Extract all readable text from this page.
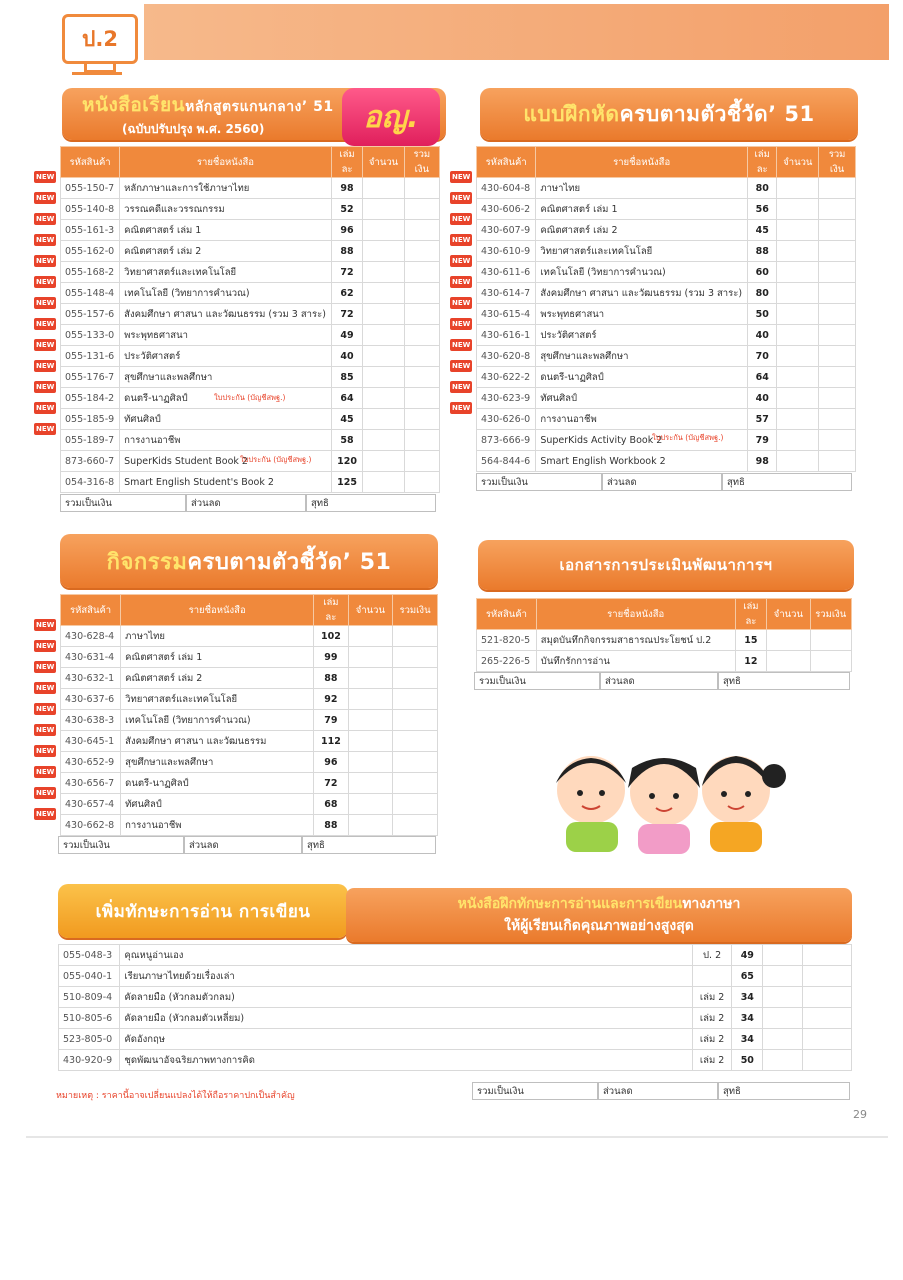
ป.2
หนังสือเรียนหลักสูตรแกนกลาง’ 51
(ฉบับปรับปรุง พ.ศ. 2560)	อญ.
รหัสสินค้า	รายชื่อหนังสือ	เล่มละ	จำนวน	รวมเงิน
055-150-7	หลักภาษาและการใช้ภาษาไทย	98		
055-140-8	วรรณคดีและวรรณกรรม	52		
055-161-3	คณิตศาสตร์ เล่ม 1	96		
055-162-0	คณิตศาสตร์ เล่ม 2	88		
055-168-2	วิทยาศาสตร์และเทคโนโลยี	72		
055-148-4	เทคโนโลยี (วิทยาการคำนวณ)	62		
055-157-6	สังคมศึกษา ศาสนา และวัฒนธรรม (รวม 3 สาระ)	72		
055-133-0	พระพุทธศาสนา	49		
055-131-6	ประวัติศาสตร์	40		
055-176-7	สุขศึกษาและพลศึกษา	85		
055-184-2	ดนตรี-นาฏศิลป์	64		
055-185-9	ทัศนศิลป์	45		
055-189-7	การงานอาชีพ	58		
873-660-7	SuperKids Student Book 2	120		
054-316-8	Smart English Student's Book 2	125		
รวมเป็นเงิน	ส่วนลด	สุทธิ
แบบฝึกหัดครบตามตัวชี้วัด’ 51
รหัสสินค้า	รายชื่อหนังสือ	เล่มละ	จำนวน	รวมเงิน
430-604-8	ภาษาไทย	80		
430-606-2	คณิตศาสตร์ เล่ม 1	56		
430-607-9	คณิตศาสตร์ เล่ม 2	45		
430-610-9	วิทยาศาสตร์และเทคโนโลยี	88		
430-611-6	เทคโนโลยี (วิทยาการคำนวณ)	60		
430-614-7	สังคมศึกษา ศาสนา และวัฒนธรรม (รวม 3 สาระ)	80		
430-615-4	พระพุทธศาสนา	50		
430-616-1	ประวัติศาสตร์	40		
430-620-8	สุขศึกษาและพลศึกษา	70		
430-622-2	ดนตรี-นาฏศิลป์	64		
430-623-9	ทัศนศิลป์	40		
430-626-0	การงานอาชีพ	57		
873-666-9	SuperKids Activity Book 2	79		
564-844-6	Smart English Workbook 2	98		
รวมเป็นเงิน	ส่วนลด	สุทธิ
กิจกรรมครบตามตัวชี้วัด’ 51
รหัสสินค้า	รายชื่อหนังสือ	เล่มละ	จำนวน	รวมเงิน
430-628-4	ภาษาไทย	102		
430-631-4	คณิตศาสตร์ เล่ม 1	99		
430-632-1	คณิตศาสตร์ เล่ม 2	88		
430-637-6	วิทยาศาสตร์และเทคโนโลยี	92		
430-638-3	เทคโนโลยี (วิทยาการคำนวณ)	79		
430-645-1	สังคมศึกษา ศาสนา และวัฒนธรรม	112		
430-652-9	สุขศึกษาและพลศึกษา	96		
430-656-7	ดนตรี-นาฏศิลป์	72		
430-657-4	ทัศนศิลป์	68		
430-662-8	การงานอาชีพ	88		
รวมเป็นเงิน	ส่วนลด	สุทธิ
เอกสารการประเมินพัฒนาการฯ
รหัสสินค้า	รายชื่อหนังสือ	เล่มละ	จำนวน	รวมเงิน
521-820-5	สมุดบันทึกกิจกรรมสาธารณประโยชน์ ป.2	15		
265-226-5	บันทึกรักการอ่าน	12		
รวมเป็นเงิน	ส่วนลด	สุทธิ
เพิ่มทักษะการอ่าน การเขียน	หนังสือฝึกทักษะการอ่านและการเขียนทางภาษา
ให้ผู้เรียนเกิดคุณภาพอย่างสูงสุด
055-048-3	คุณหนูอ่านเอง	ป. 2	49		
055-040-1	เรียนภาษาไทยด้วยเรื่องเล่า		65		
510-809-4	คัดลายมือ (หัวกลมตัวกลม)	เล่ม 2	34		
510-805-6	คัดลายมือ (หัวกลมตัวเหลี่ยม)	เล่ม 2	34		
523-805-0	คัดอังกฤษ	เล่ม 2	34		
430-920-9	ชุดพัฒนาอัจฉริยภาพทางการคิด	เล่ม 2	50		
รวมเป็นเงิน	ส่วนลด	สุทธิ
หมายเหตุ : ราคานี้อาจเปลี่ยนแปลงได้ให้ถือราคาปกเป็นสำคัญ
29
NEW
NEW
NEW
NEW
NEW
NEW
NEW
NEW
NEW
NEW
NEW
NEW
NEW
NEW
NEW
NEW
NEW
NEW
NEW
NEW
NEW
NEW
NEW
NEW
NEW
NEW
NEW
NEW
NEW
NEW
NEW
NEW
NEW
NEW
NEW
ใบประกัน (บัญชีสพฐ.)
ใบประกัน (บัญชีสพฐ.)
ใบประกัน (บัญชีสพฐ.)
